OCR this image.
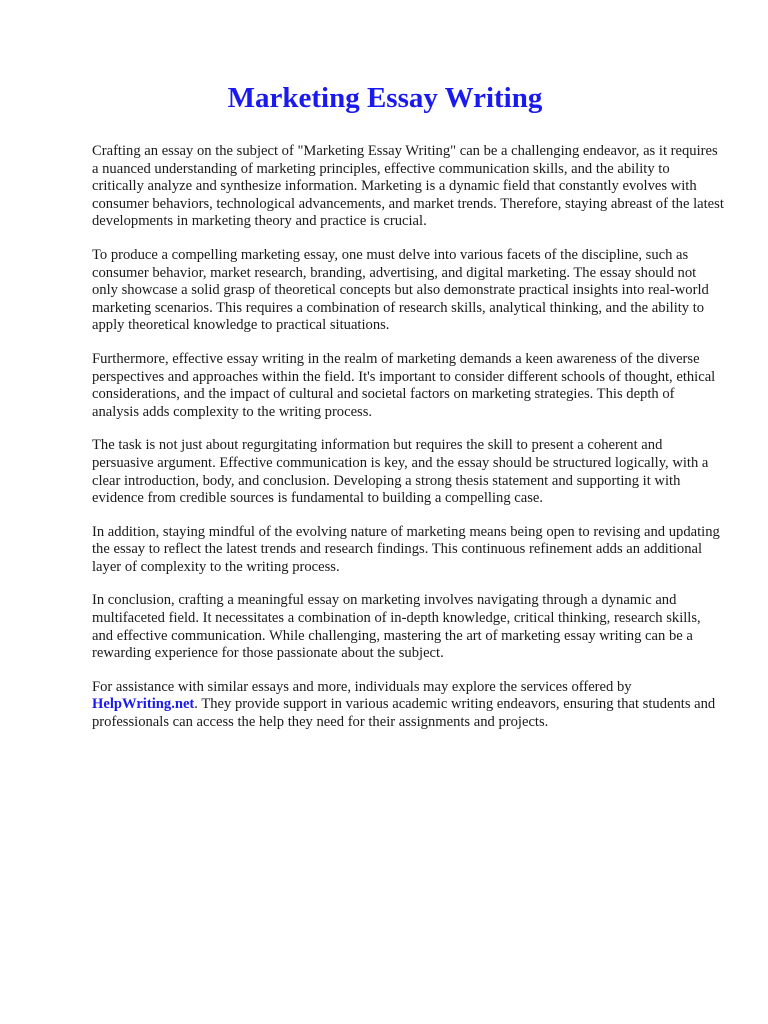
Marketing Essay Writing

Crafting an essay on the subject of "Marketing Essay Writing" can be a challenging endeavor, as it requires a nuanced understanding of marketing principles, effective communication skills, and the ability to critically analyze and synthesize information. Marketing is a dynamic field that constantly evolves with consumer behaviors, technological advancements, and market trends. Therefore, staying abreast of the latest developments in marketing theory and practice is crucial.

To produce a compelling marketing essay, one must delve into various facets of the discipline, such as consumer behavior, market research, branding, advertising, and digital marketing. The essay should not only showcase a solid grasp of theoretical concepts but also demonstrate practical insights into real-world marketing scenarios. This requires a combination of research skills, analytical thinking, and the ability to apply theoretical knowledge to practical situations.

Furthermore, effective essay writing in the realm of marketing demands a keen awareness of the diverse perspectives and approaches within the field. It's important to consider different schools of thought, ethical considerations, and the impact of cultural and societal factors on marketing strategies. This depth of analysis adds complexity to the writing process.

The task is not just about regurgitating information but requires the skill to present a coherent and persuasive argument. Effective communication is key, and the essay should be structured logically, with a clear introduction, body, and conclusion. Developing a strong thesis statement and supporting it with evidence from credible sources is fundamental to building a compelling case.

In addition, staying mindful of the evolving nature of marketing means being open to revising and updating the essay to reflect the latest trends and research findings. This continuous refinement adds an additional layer of complexity to the writing process.

In conclusion, crafting a meaningful essay on marketing involves navigating through a dynamic and multifaceted field. It necessitates a combination of in-depth knowledge, critical thinking, research skills, and effective communication. While challenging, mastering the art of marketing essay writing can be a rewarding experience for those passionate about the subject.

For assistance with similar essays and more, individuals may explore the services offered by HelpWriting.net. They provide support in various academic writing endeavors, ensuring that students and professionals can access the help they need for their assignments and projects.
